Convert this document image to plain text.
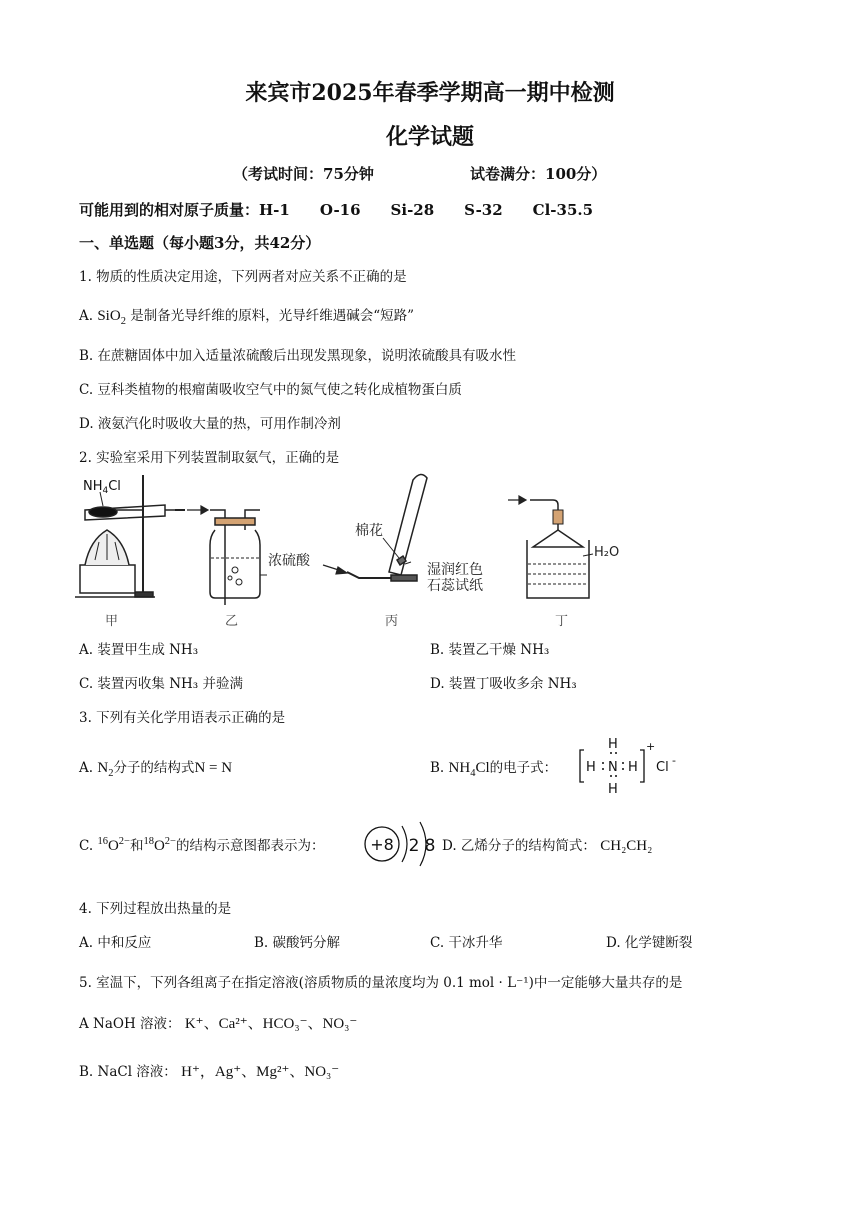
来宾市2025年春季学期高一期中检测
化学试题
（考试时间：75分钟	试卷满分：100分）
可能用到的相对原子质量：H-1　　O-16　　Si-28　　S-32　　Cl-35.5
一、单选题（每小题3分，共42分）
1. 物质的性质决定用途，下列两者对应关系不正确的是
A. SiO$_2$ 是制备光导纤维的原料，光导纤维遇碱会“短路”
B. 在蔗糖固体中加入适量浓硫酸后出现发黑现象，说明浓硫酸具有吸水性
C. 豆科类植物的根瘤菌吸收空气中的氮气使之转化成植物蛋白质
D. 液氨汽化时吸收大量的热，可用作制冷剂
2. 实验室采用下列装置制取氨气，正确的是
$NH_4Cl$
甲
浓硫酸
乙
棉花
湿润红色
石蕊试纸
丙
H₂O
丁
A. 装置甲生成 NH₃	B. 装置乙干燥 NH₃
C. 装置丙收集 NH₃ 并验满	D. 装置丁吸收多余 NH₃
3. 下列有关化学用语表示正确的是
A. $N_2$分子的结构式N = N	B. $NH_4Cl$的电子式：
H
H N H
H
+
Cl -
C. $^{16}O^{2-}$和$^{18}O^{2-}$的结构示意图都表示为：	+8 2 8 D. 乙烯分子的结构简式： CH₂CH₂
4. 下列过程放出热量的是
A. 中和反应	B. 碳酸钙分解	C. 干冰升华	D. 化学键断裂
5. 室温下，下列各组离子在指定溶液(溶质物质的量浓度均为 0.1 mol · L⁻¹)中一定能够大量共存的是
A NaOH 溶液： K⁺、Ca²⁺、HCO₃⁻、NO₃⁻
B. NaCl 溶液： H⁺，Ag⁺、Mg²⁺、NO₃⁻
